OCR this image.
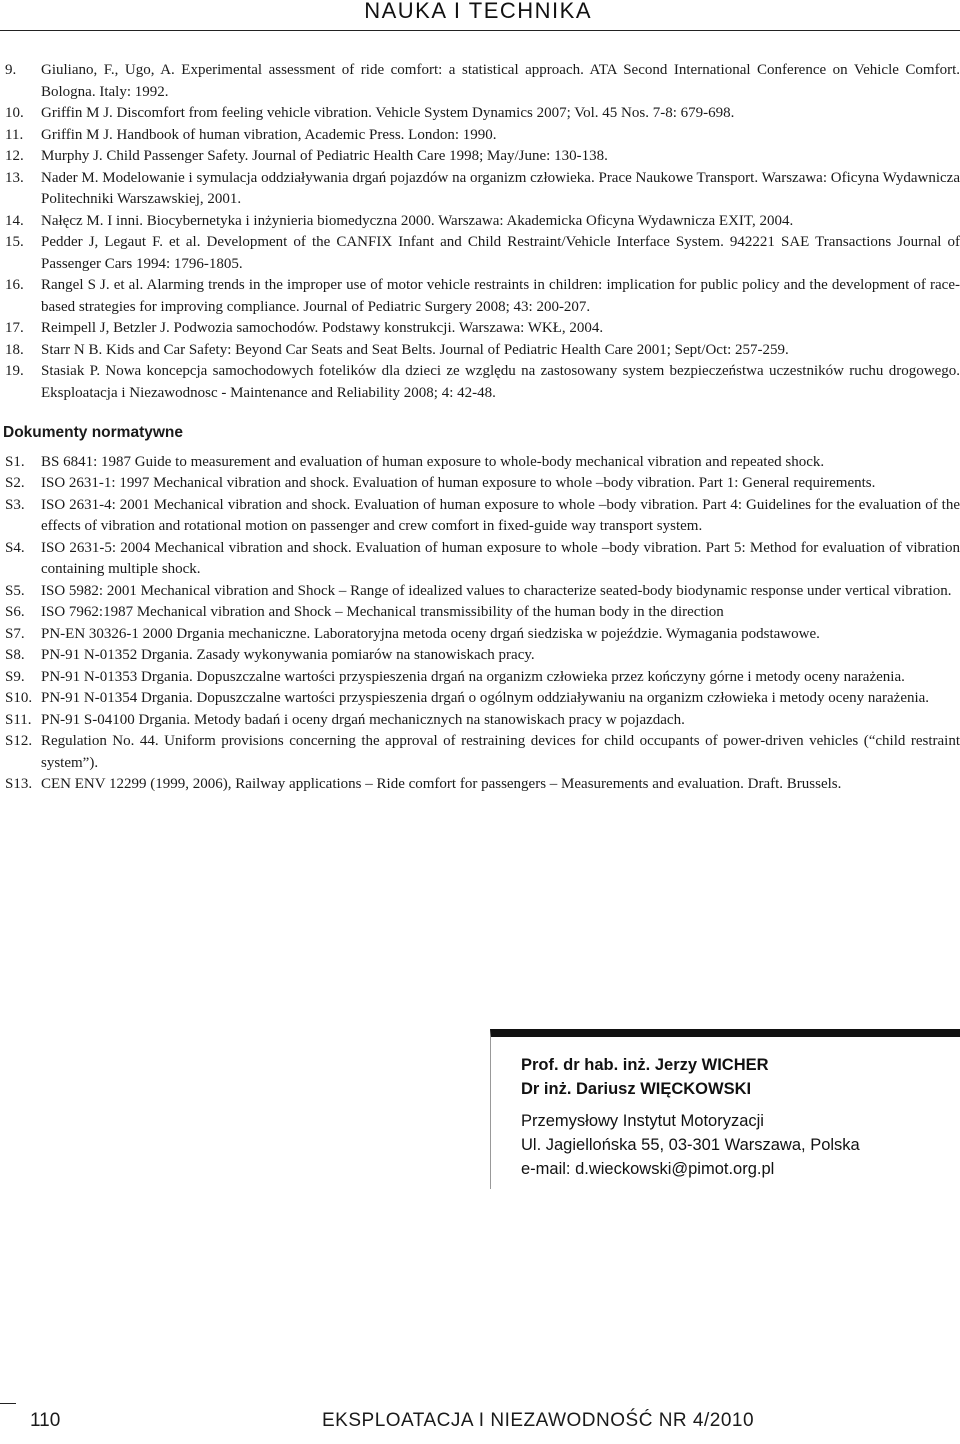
NAUKA I TECHNIKA
9.	Giuliano, F., Ugo, A. Experimental assessment of ride comfort: a statistical approach. ATA Second International Conference on Vehicle Comfort. Bologna. Italy: 1992.
10.	Griffin M J. Discomfort from feeling vehicle vibration. Vehicle System Dynamics 2007; Vol. 45 Nos. 7-8: 679-698.
11.	Griffin M J. Handbook of human vibration, Academic Press. London: 1990.
12.	Murphy J. Child Passenger Safety. Journal of Pediatric Health Care 1998; May/June: 130-138.
13.	Nader M. Modelowanie i symulacja oddziaływania drgań pojazdów na organizm człowieka. Prace Naukowe Transport. Warszawa: Oficyna Wydawnicza Politechniki Warszawskiej, 2001.
14.	Nałęcz M. I inni. Biocybernetyka i inżynieria biomedyczna 2000. Warszawa: Akademicka Oficyna Wydawnicza EXIT, 2004.
15.	Pedder J, Legaut F. et al. Development of the CANFIX Infant and Child Restraint/Vehicle Interface System. 942221 SAE Transactions Journal of Passenger Cars 1994: 1796-1805.
16.	Rangel S J. et al. Alarming trends in the improper use of motor vehicle restraints in children: implication for public policy and the development of race-based strategies for improving compliance. Journal of Pediatric Surgery 2008; 43: 200-207.
17.	Reimpell J, Betzler J. Podwozia samochodów. Podstawy konstrukcji. Warszawa: WKŁ, 2004.
18.	Starr N B. Kids and Car Safety: Beyond Car Seats and Seat Belts. Journal of Pediatric Health Care 2001; Sept/Oct: 257-259.
19.	Stasiak P. Nowa koncepcja samochodowych fotelików dla dzieci ze względu na zastosowany system bezpieczeństwa uczestników ruchu drogowego. Eksploatacja i Niezawodnosc - Maintenance and Reliability 2008; 4: 42-48.
Dokumenty normatywne
S1.	BS 6841: 1987 Guide to measurement and evaluation of human exposure to whole-body mechanical vibration and repeated shock.
S2.	ISO 2631-1: 1997 Mechanical vibration and shock. Evaluation of human exposure to whole –body vibration. Part 1: General requirements.
S3.	ISO 2631-4: 2001 Mechanical vibration and shock. Evaluation of human exposure to whole –body vibration. Part 4: Guidelines for the evaluation of the effects of vibration and rotational motion on passenger and crew comfort in fixed-guide way transport system.
S4.	ISO 2631-5: 2004 Mechanical vibration and shock. Evaluation of human exposure to whole –body vibration. Part 5: Method for evaluation of vibration containing multiple shock.
S5.	ISO 5982: 2001 Mechanical vibration and Shock – Range of idealized values to characterize seated-body biodynamic response under vertical vibration.
S6.	ISO 7962:1987 Mechanical vibration and Shock – Mechanical transmissibility of the human body in the direction
S7.	PN-EN 30326-1 2000 Drgania mechaniczne. Laboratoryjna metoda oceny drgań siedziska w pojeździe. Wymagania podstawowe.
S8.	PN-91 N-01352 Drgania. Zasady wykonywania pomiarów na stanowiskach pracy.
S9.	PN-91 N-01353 Drgania. Dopuszczalne wartości przyspieszenia drgań na organizm człowieka przez kończyny górne i metody oceny narażenia.
S10. PN-91 N-01354 Drgania. Dopuszczalne wartości przyspieszenia drgań o ogólnym oddziaływaniu na organizm człowieka i metody oceny narażenia.
S11. PN-91 S-04100 Drgania. Metody badań i oceny drgań mechanicznych na stanowiskach pracy w pojazdach.
S12. Regulation No. 44. Uniform provisions concerning the approval of restraining devices for child occupants of power-driven vehicles (“child restraint system”).
S13. CEN ENV 12299 (1999, 2006), Railway applications – Ride comfort for passengers – Measurements and evaluation. Draft. Brussels.
Prof. dr hab. inż. Jerzy WICHER
Dr inż. Dariusz WIĘCKOWSKI
Przemysłowy Instytut Motoryzacji
Ul. Jagiellońska 55, 03-301 Warszawa, Polska
e-mail: d.wieckowski@pimot.org.pl
110	EKSPLOATACJA I NIEZAWODNOŚĆ NR 4/2010
